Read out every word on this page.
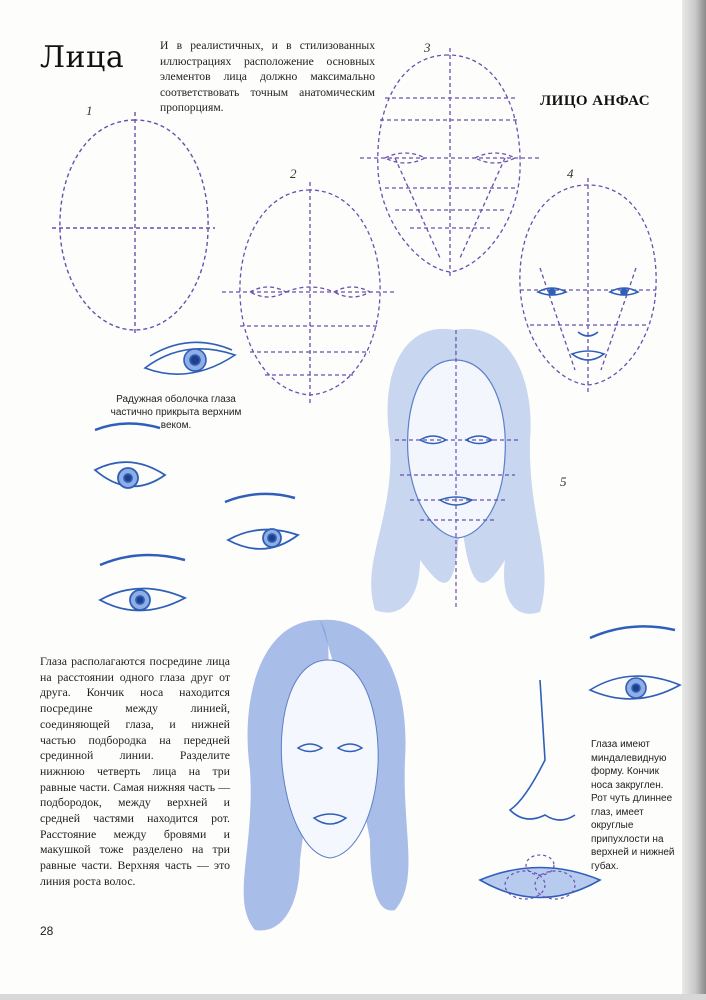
Лица	И в реалистичных, и в стилизованных иллюстрациях расположение основных элементов лица должно максимально соответствовать точным анатомическим пропорциям.	ЛИЦО АНФАС
1
2
3
4
5
Радужная оболочка глаза частично прикрыта верхним веком.
Глаза располагаются посредине лица на расстоянии одного глаза друг от друга. Кончик носа находится посредине между линией, соединяющей глаза, и нижней частью подбородка на передней срединной линии. Разделите нижнюю четверть лица на три равные части. Самая нижняя часть — подбородок, между верхней и средней частями находится рот. Расстояние между бровями и макушкой тоже разделено на три равные части. Верхняя часть — это линия роста волос.
Глаза имеют миндалевидную форму. Кончик носа закруглен. Рот чуть длиннее глаз, имеет округлые припухлости на верхней и нижней губах.
28
